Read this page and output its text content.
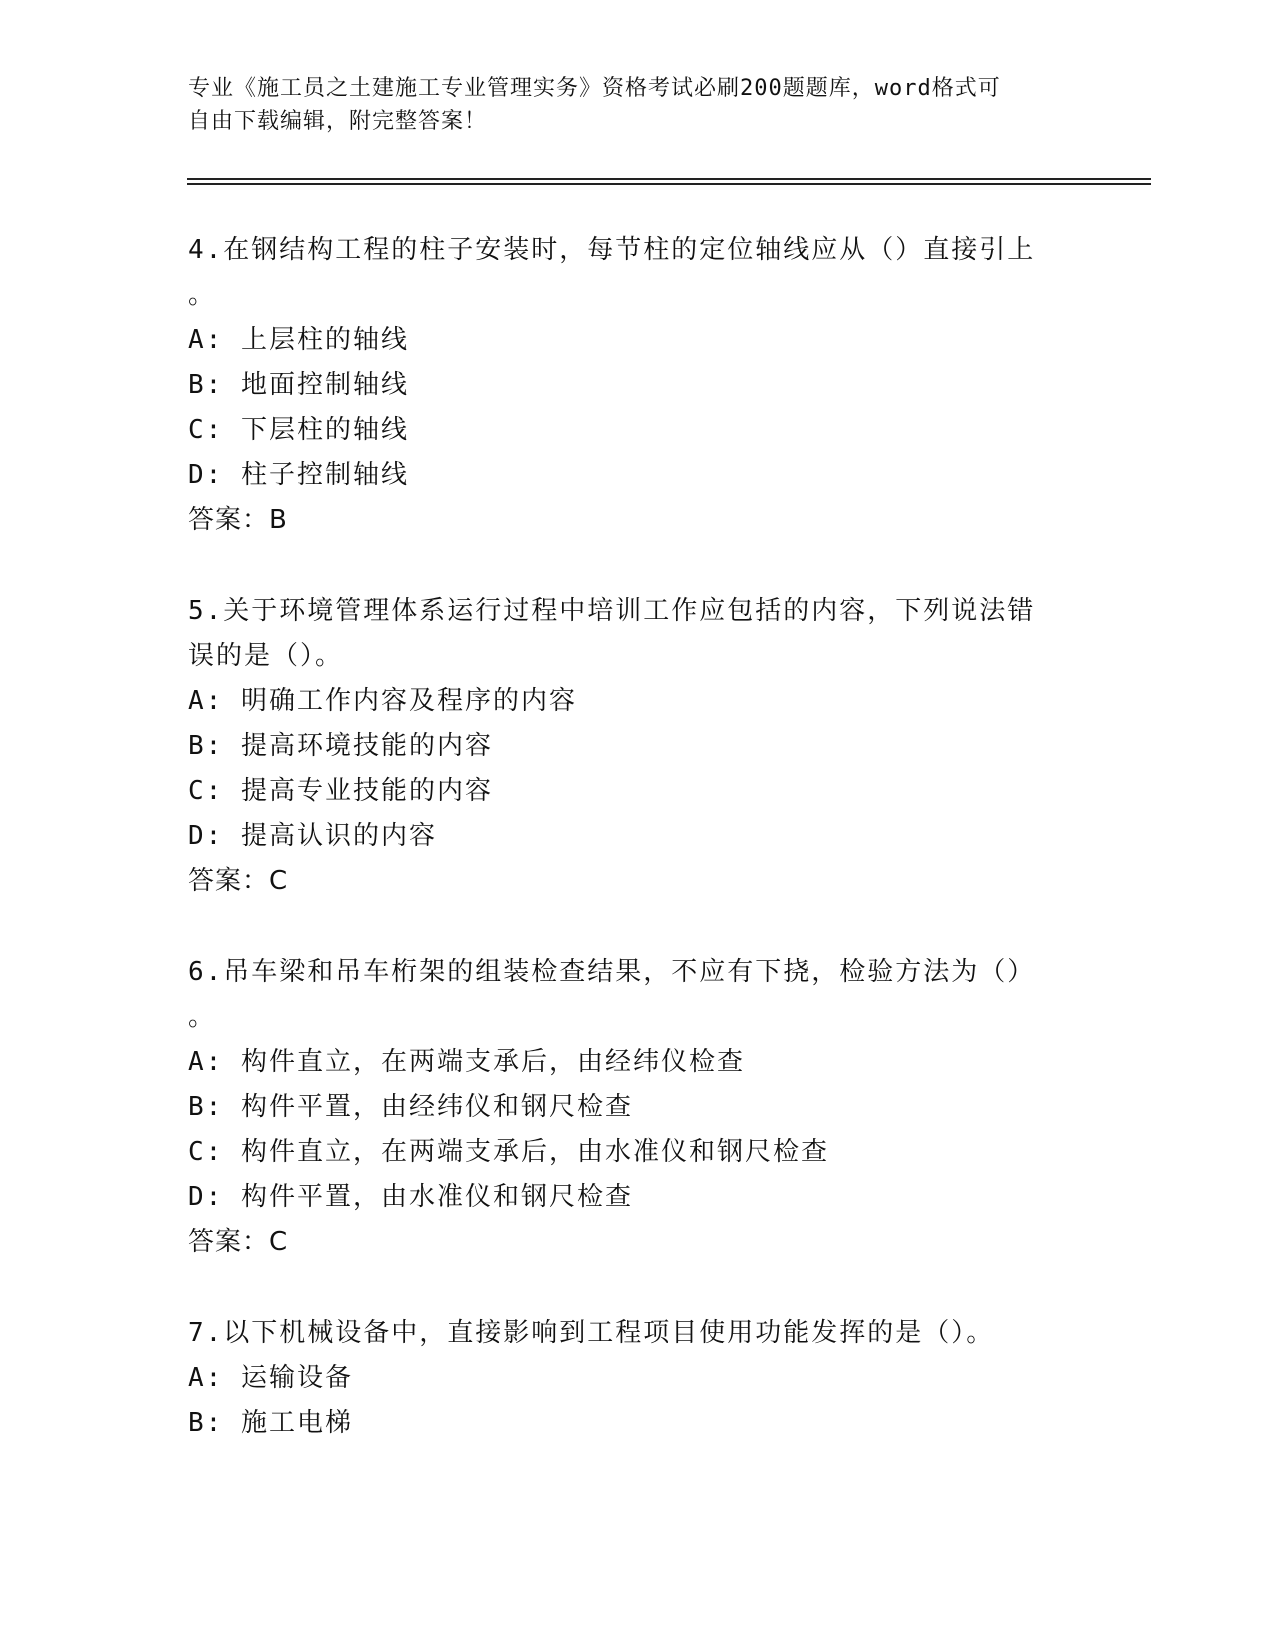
专业《施工员之土建施工专业管理实务》资格考试必刷200题题库，word格式可
自由下载编辑，附完整答案！

4.在钢结构工程的柱子安装时，每节柱的定位轴线应从（）直接引上

。

A: 上层柱的轴线

B: 地面控制轴线

C: 下层柱的轴线

D: 柱子控制轴线

答案：B

5.关于环境管理体系运行过程中培训工作应包括的内容，下列说法错

误的是（）。

A: 明确工作内容及程序的内容

B: 提高环境技能的内容

C: 提高专业技能的内容

D: 提高认识的内容

答案：C

6.吊车梁和吊车桁架的组装检查结果，不应有下挠，检验方法为（）

。

A: 构件直立，在两端支承后，由经纬仪检查

B: 构件平置，由经纬仪和钢尺检查

C: 构件直立，在两端支承后，由水准仪和钢尺检查

D: 构件平置，由水准仪和钢尺检查

答案：C

7.以下机械设备中，直接影响到工程项目使用功能发挥的是（）。

A: 运输设备

B: 施工电梯
